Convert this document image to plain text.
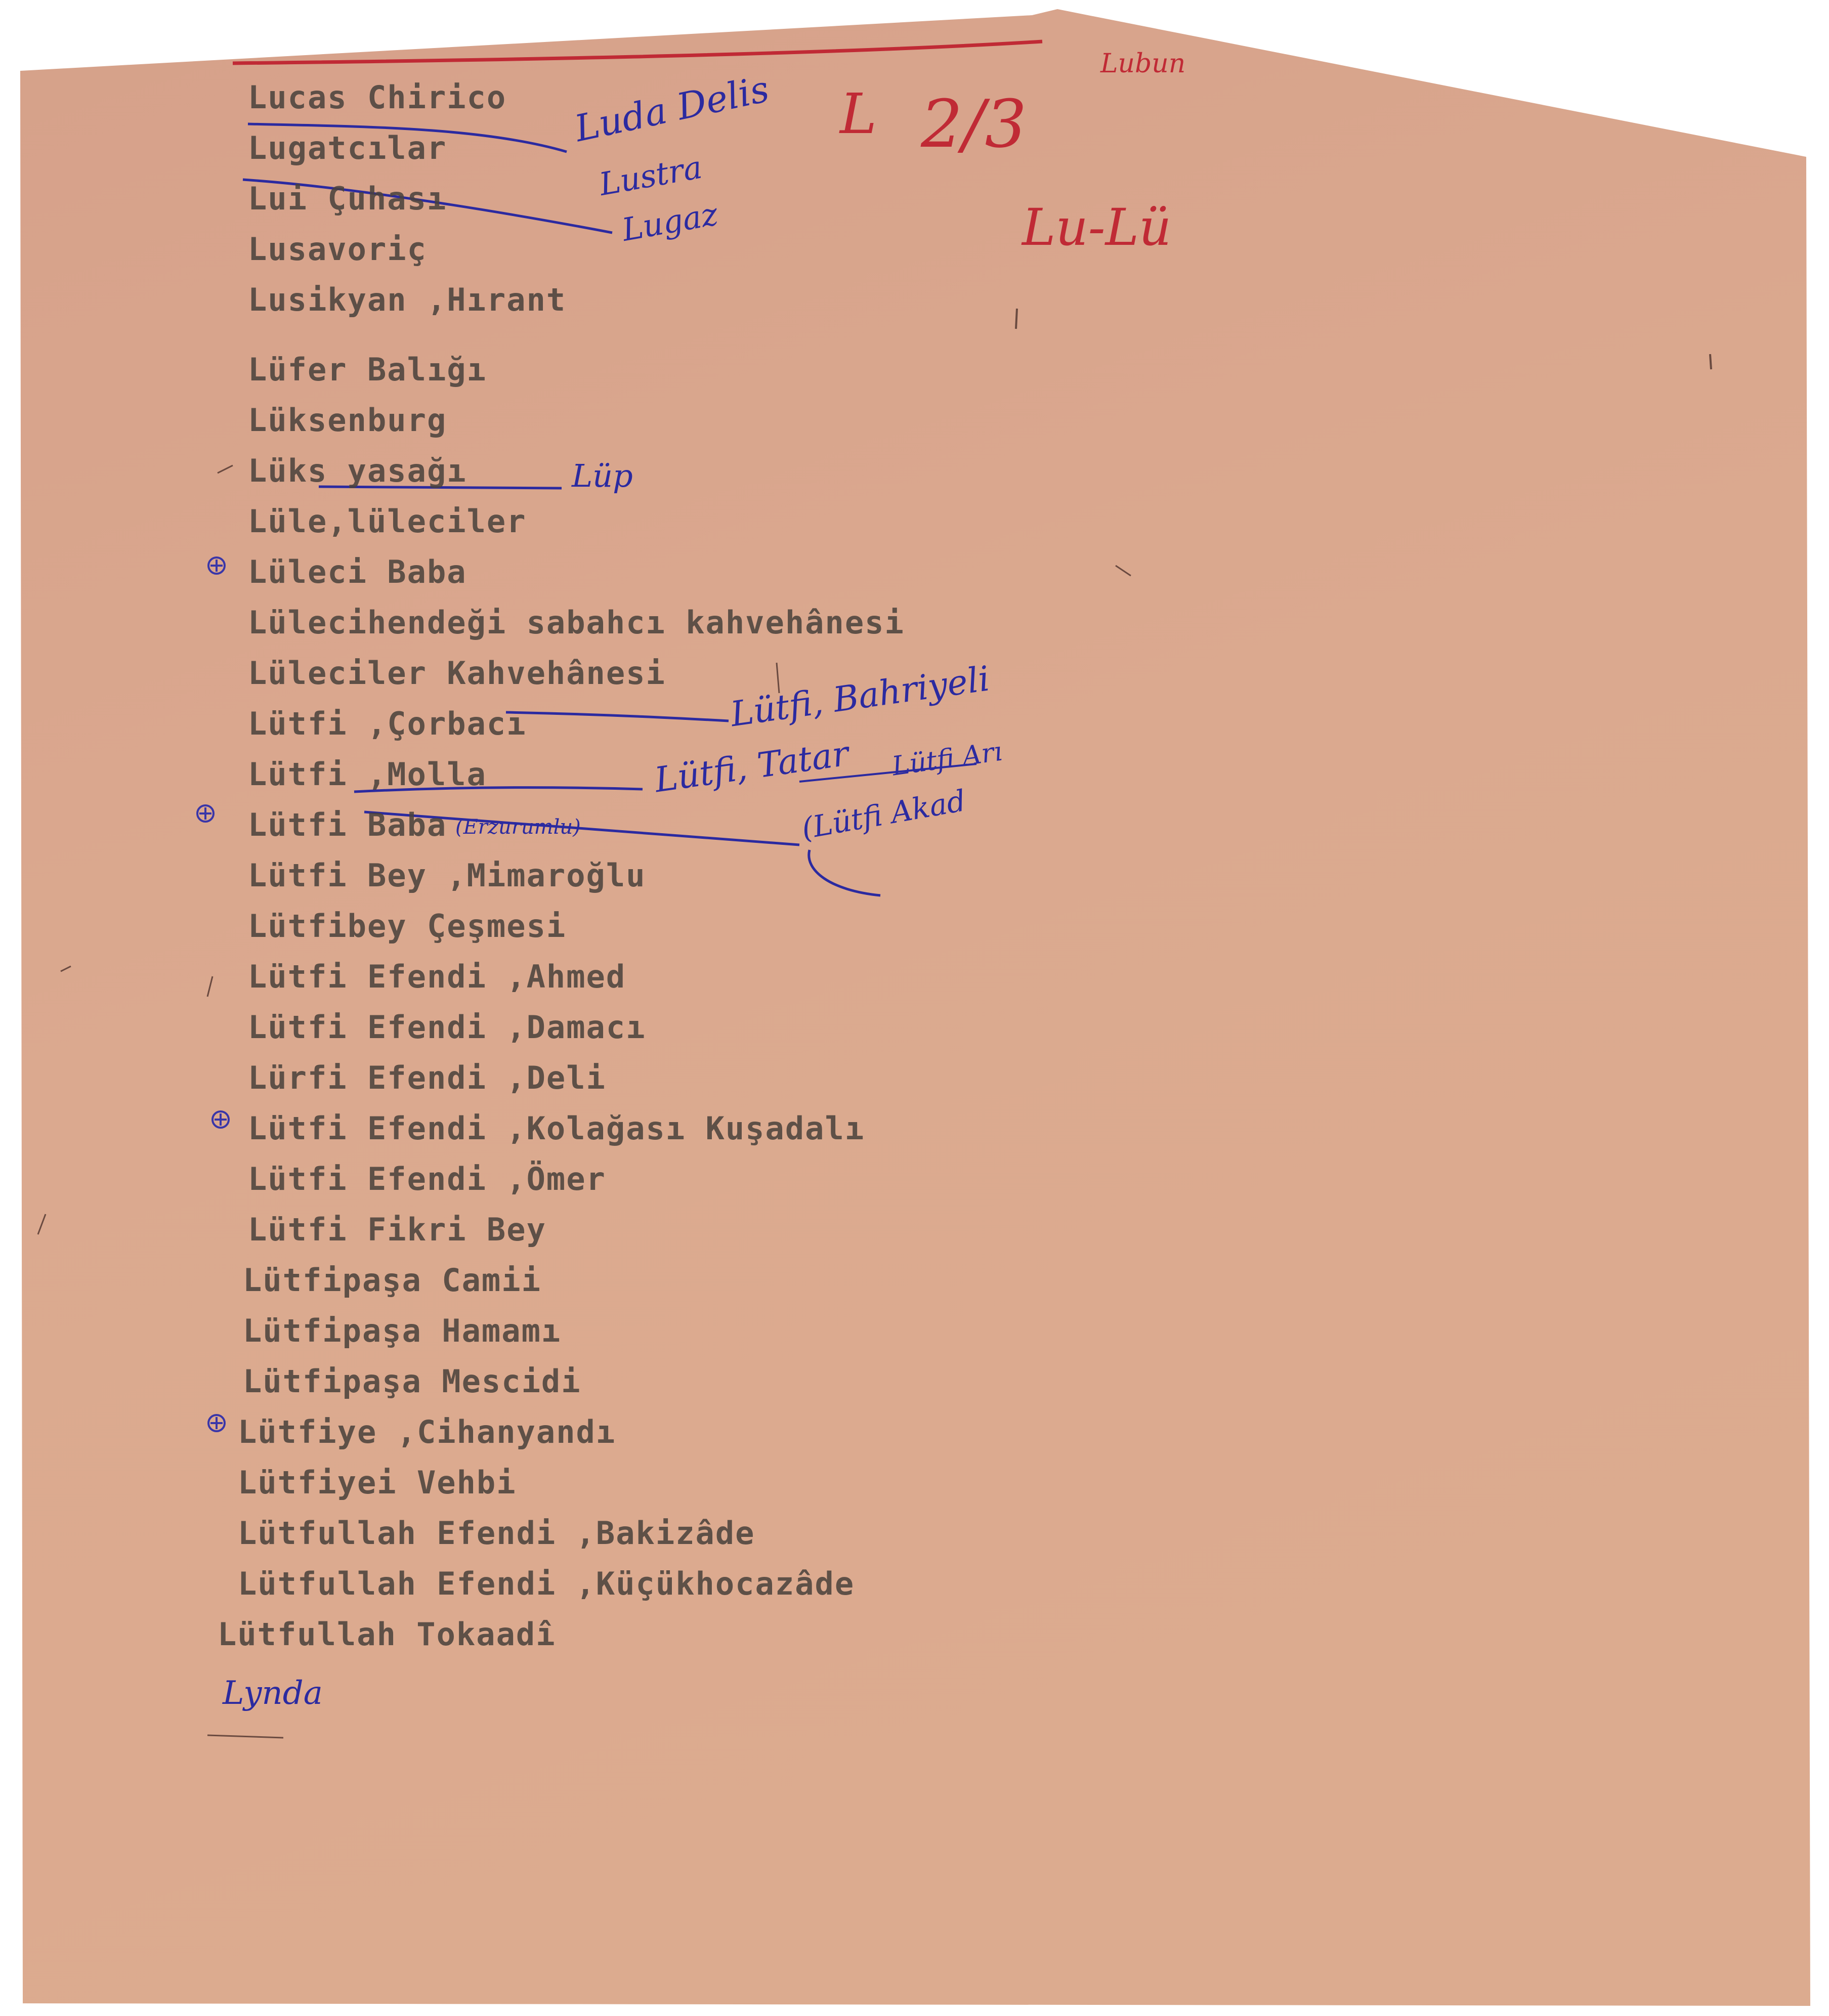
Lucas Chirico
Lugatcılar
Lui Çuhası
Lusavoriç
Lusikyan ,Hırant
Lüfer Balığı
Lüksenburg
Lüks yasağı
Lüle,lüleciler
Lüleci Baba
Lülecihendeği sabahcı kahvehânesi
Lüleciler Kahvehânesi
Lütfi ,Çorbacı
Lütfi ,Molla
Lütfi Baba
Lütfi Bey ,Mimaroğlu
Lütfibey Çeşmesi
Lütfi Efendi ,Ahmed
Lütfi Efendi ,Damacı
Lürfi Efendi ,Deli
Lütfi Efendi ,Kolağası Kuşadalı
Lütfi Efendi ,Ömer
Lütfi Fikri Bey
Lütfipaşa Camii
Lütfipaşa Hamamı
Lütfipaşa Mescidi
Lütfiye ,Cihanyandı
Lütfiyei Vehbi
Lütfullah Efendi ,Bakizâde
Lütfullah Efendi ,Küçükhocazâde
Lütfullah Tokaadî
Lubun
L 2/3
Lu-Lü
Luda Delis
Lustra
Lugaz
Lüp
Lütfi, Bahriyeli
Lütfi, Tatar Lütfi Arı
(Lütfi Akad
(Erzurumlu)
Lynda
